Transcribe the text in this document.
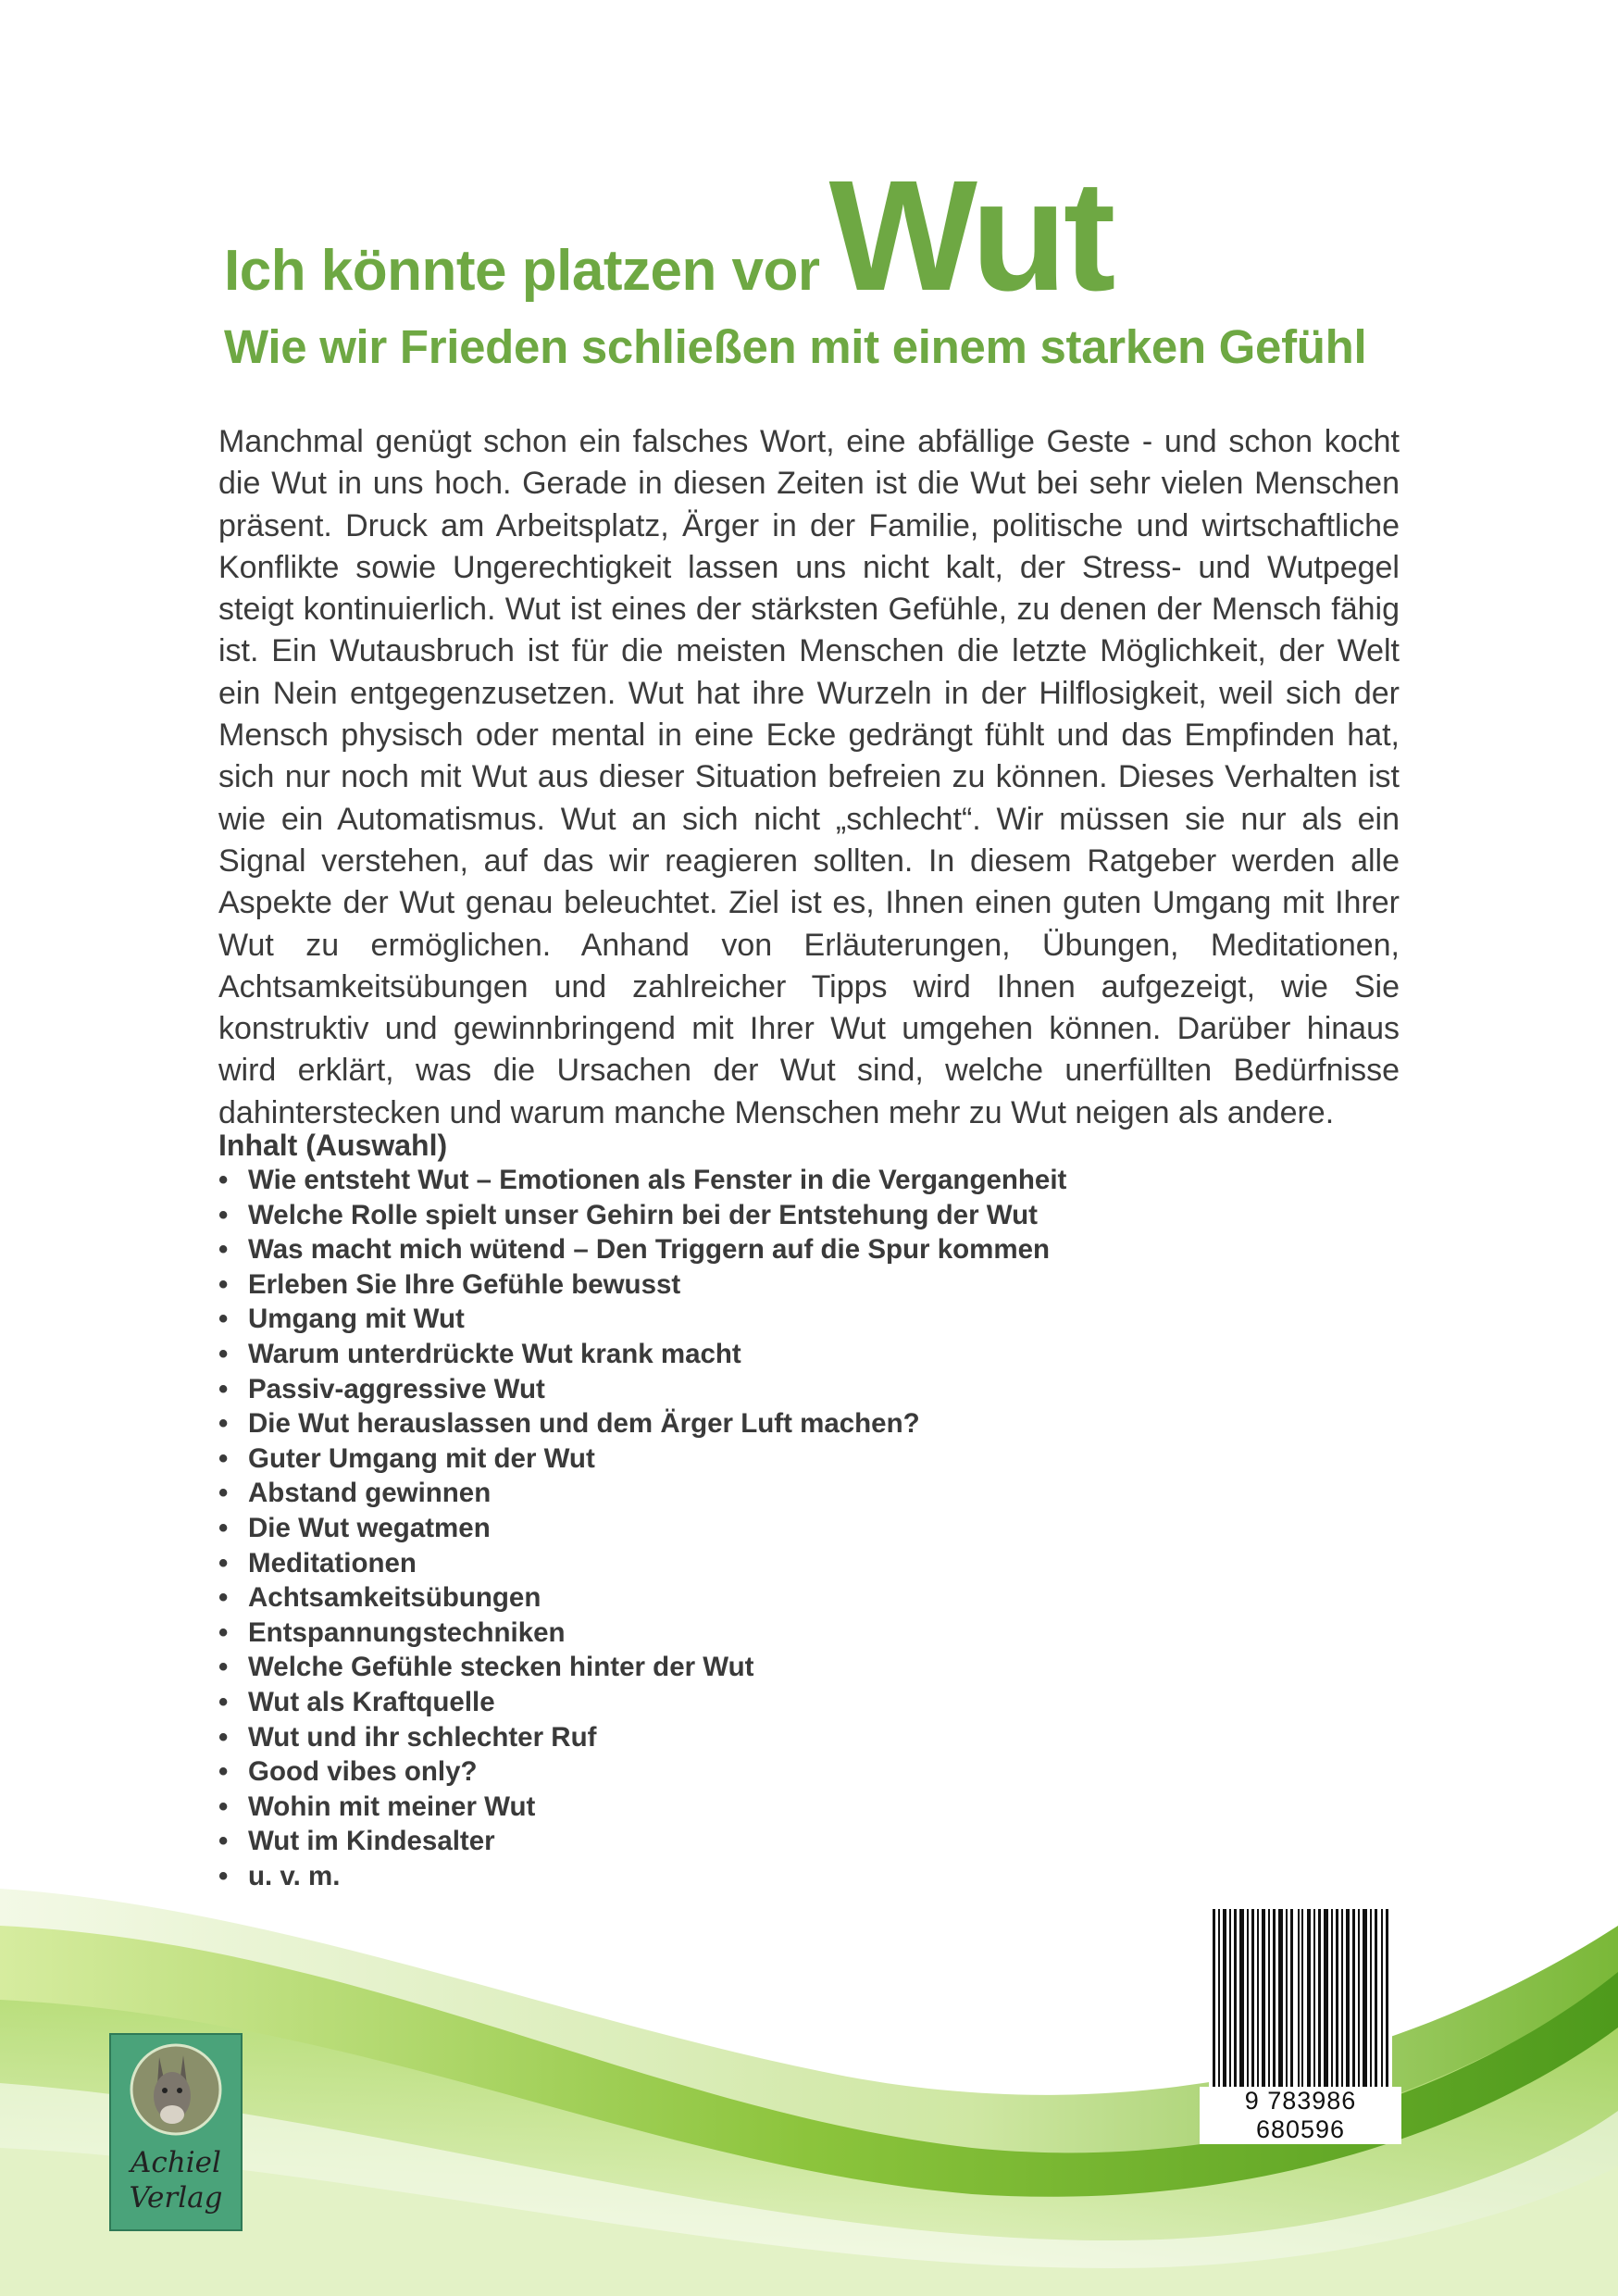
Ich könnte platzen vorWut
Wie wir Frieden schließen mit einem starken Gefühl
Manchmal genügt schon ein falsches Wort, eine abfällige Geste - und schon kocht die Wut in uns hoch. Gerade in diesen Zeiten ist die Wut bei sehr vielen Menschen präsent. Druck am Arbeitsplatz, Ärger in der Familie, politische und wirtschaftliche Konflikte sowie Ungerechtigkeit lassen uns nicht kalt, der Stress- und Wutpegel steigt kontinuierlich. Wut ist eines der stärksten Gefühle, zu denen der Mensch fähig ist. Ein Wutausbruch ist für die meisten Menschen die letzte Möglichkeit, der Welt ein Nein entgegenzusetzen. Wut hat ihre Wurzeln in der Hilflosigkeit, weil sich der Mensch physisch oder mental in eine Ecke gedrängt fühlt und das Empfinden hat, sich nur noch mit Wut aus dieser Situation befreien zu können. Dieses Verhalten ist wie ein Automatismus. Wut an sich nicht „schlecht“. Wir müssen sie nur als ein Signal verstehen, auf das wir reagieren sollten. In diesem Ratgeber werden alle Aspekte der Wut genau beleuchtet. Ziel ist es, Ihnen einen guten Umgang mit Ihrer Wut zu ermöglichen. Anhand von Erläuterungen, Übungen, Meditationen, Achtsamkeitsübungen und zahlreicher Tipps wird Ihnen aufgezeigt, wie Sie konstruktiv und gewinnbringend mit Ihrer Wut umgehen können. Darüber hinaus wird erklärt, was die Ursachen der Wut sind, welche unerfüllten Bedürfnisse dahinterstecken und warum manche Menschen mehr zu Wut neigen als andere.
Inhalt (Auswahl)
• Wie entsteht Wut – Emotionen als Fenster in die Vergangenheit
• Welche Rolle spielt unser Gehirn bei der Entstehung der Wut
• Was macht mich wütend – Den Triggern auf die Spur kommen
• Erleben Sie Ihre Gefühle bewusst
• Umgang mit Wut
• Warum unterdrückte Wut krank macht
• Passiv-aggressive Wut
• Die Wut herauslassen und dem Ärger Luft machen?
• Guter Umgang mit der Wut
• Abstand gewinnen
• Die Wut wegatmen
• Meditationen
• Achtsamkeitsübungen
• Entspannungstechniken
• Welche Gefühle stecken hinter der Wut
• Wut als Kraftquelle
• Wut und ihr schlechter Ruf
• Good vibes only?
• Wohin mit meiner Wut
• Wut im Kindesalter
• u. v. m.
9 783986 680596
Achiel
Verlag
